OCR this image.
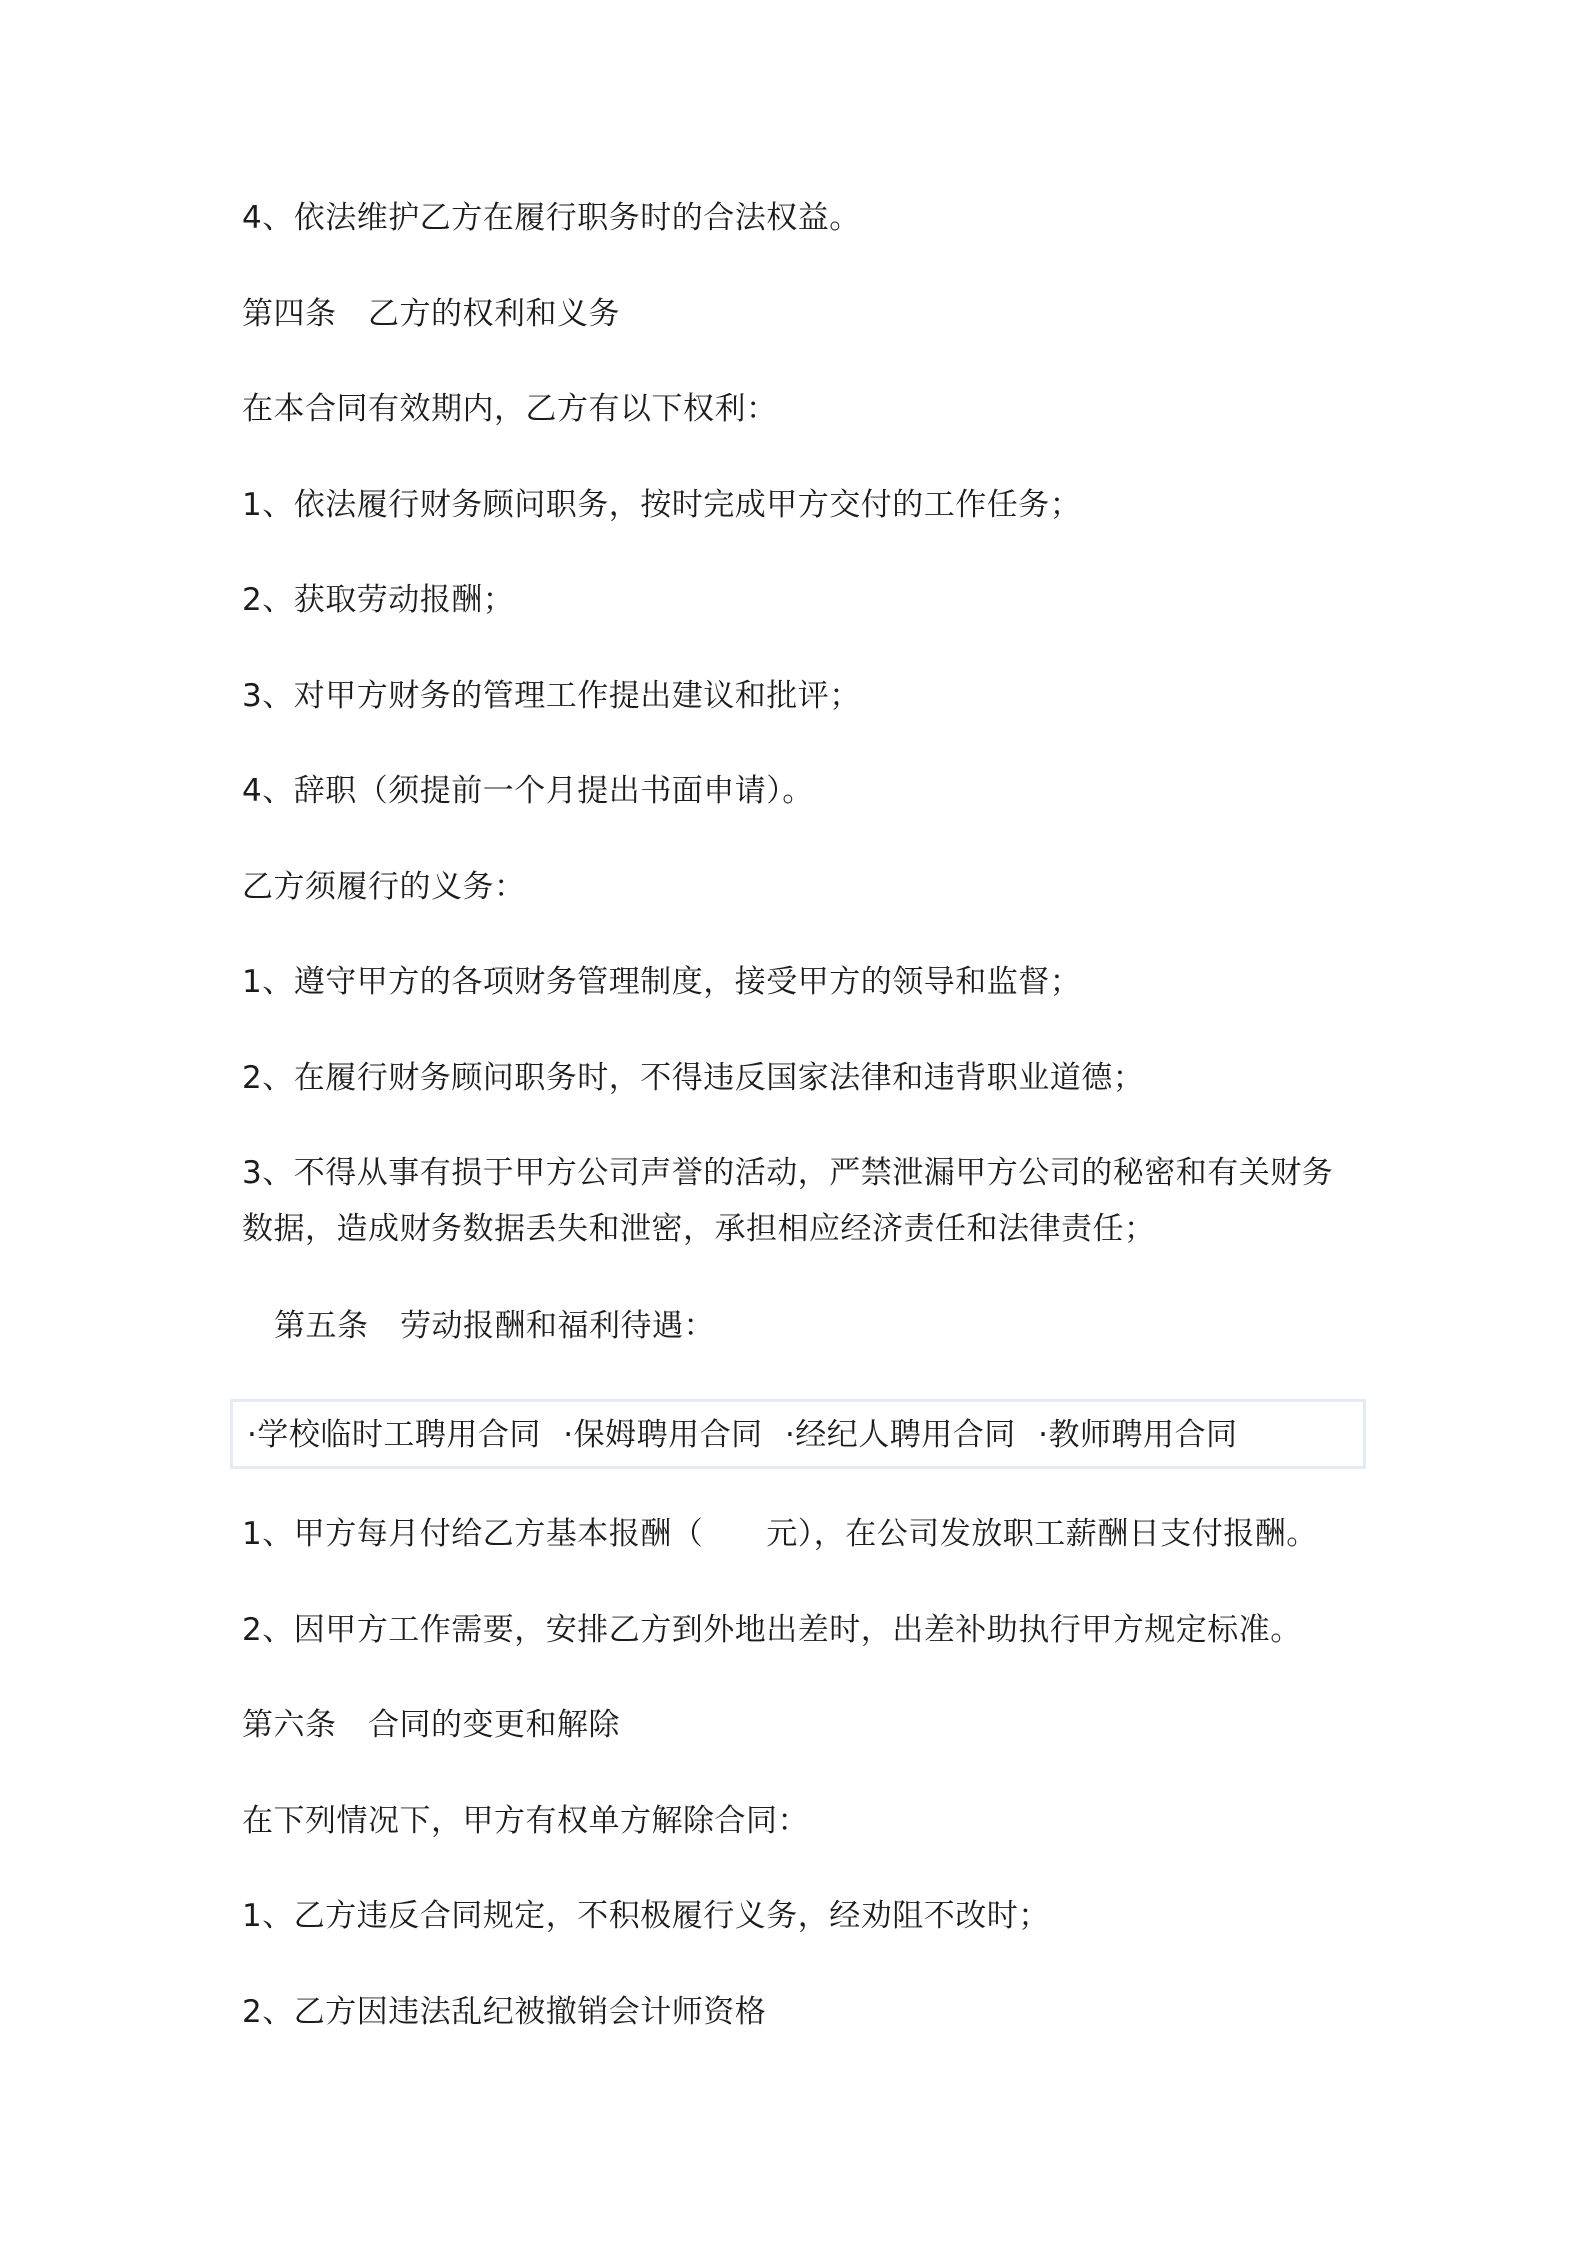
4、依法维护乙方在履行职务时的合法权益。
第四条　乙方的权利和义务
在本合同有效期内，乙方有以下权利：
1、依法履行财务顾问职务，按时完成甲方交付的工作任务；
2、获取劳动报酬；
3、对甲方财务的管理工作提出建议和批评；
4、辞职（须提前一个月提出书面申请）。
乙方须履行的义务：
1、遵守甲方的各项财务管理制度，接受甲方的领导和监督；
2、在履行财务顾问职务时，不得违反国家法律和违背职业道德；
3、不得从事有损于甲方公司声誉的活动，严禁泄漏甲方公司的秘密和有关财务
数据，造成财务数据丢失和泄密，承担相应经济责任和法律责任；
第五条　劳动报酬和福利待遇：
·学校临时工聘用合同 ·保姆聘用合同 ·经纪人聘用合同 ·教师聘用合同
1、甲方每月付给乙方基本报酬（　　元），在公司发放职工薪酬日支付报酬。
2、因甲方工作需要，安排乙方到外地出差时，出差补助执行甲方规定标准。
第六条　合同的变更和解除
在下列情况下，甲方有权单方解除合同：
1、乙方违反合同规定，不积极履行义务，经劝阻不改时；
2、乙方因违法乱纪被撤销会计师资格
